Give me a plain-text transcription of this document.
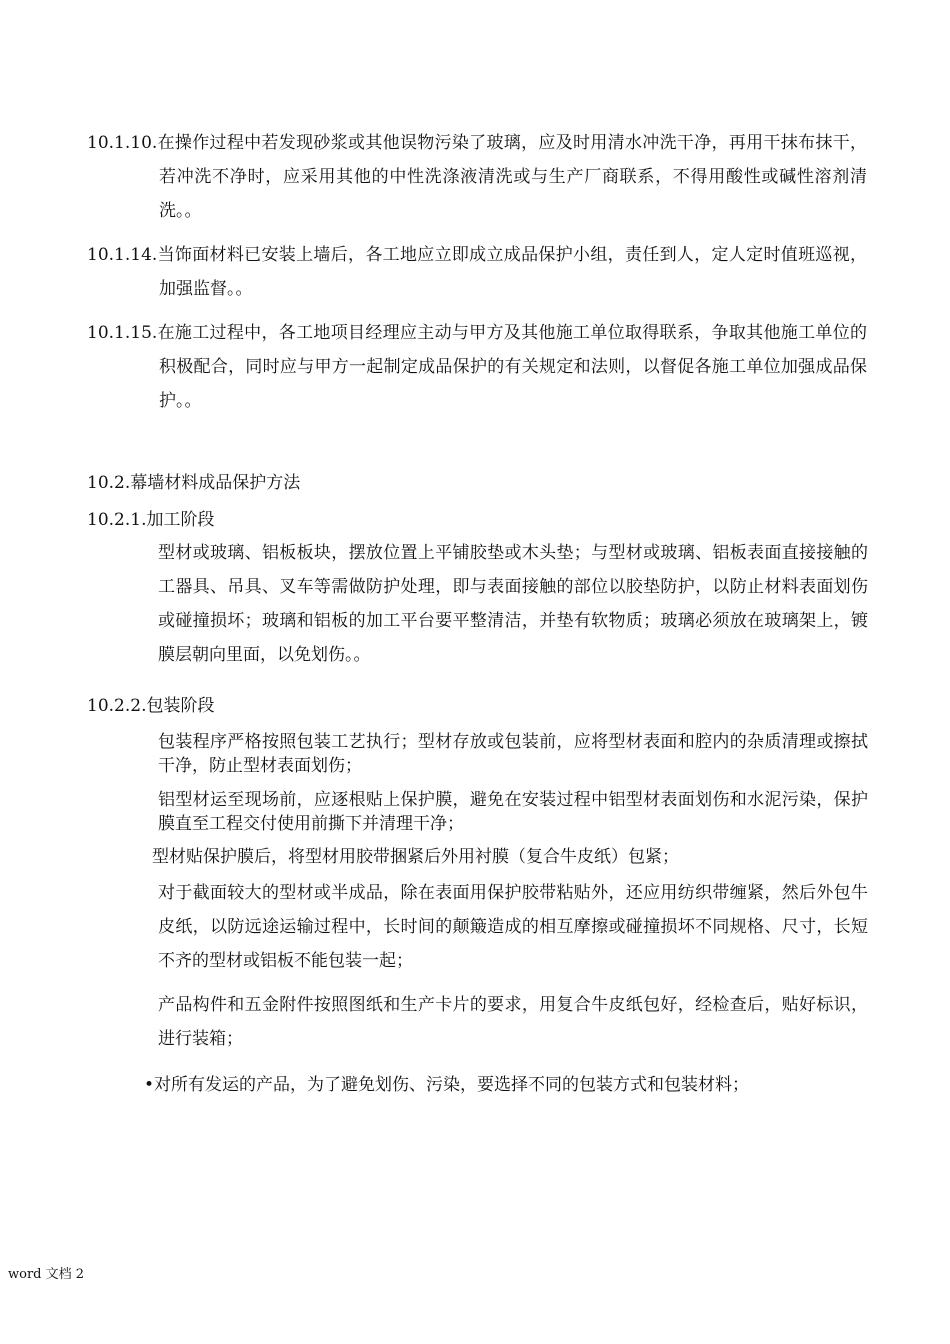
10.1.10.在操作过程中若发现砂浆或其他误物污染了玻璃，应及时用清水冲洗干净，再用干抹布抹干，若冲洗不净时，应采用其他的中性洗涤液清洗或与生产厂商联系，不得用酸性或碱性溶剂清洗。。
10.1.14.当饰面材料已安装上墙后，各工地应立即成立成品保护小组，责任到人，定人定时值班巡视，加强监督。。
10.1.15.在施工过程中，各工地项目经理应主动与甲方及其他施工单位取得联系，争取其他施工单位的积极配合，同时应与甲方一起制定成品保护的有关规定和法则，以督促各施工单位加强成品保护。。
10.2.幕墙材料成品保护方法
10.2.1.加工阶段
型材或玻璃、铝板板块，摆放位置上平铺胶垫或木头垫；与型材或玻璃、铝板表面直接接触的工器具、吊具、叉车等需做防护处理，即与表面接触的部位以胶垫防护，以防止材料表面划伤或碰撞损坏；玻璃和铝板的加工平台要平整清洁，并垫有软物质；玻璃必须放在玻璃架上，镀膜层朝向里面，以免划伤。。
10.2.2.包装阶段
包装程序严格按照包装工艺执行；型材存放或包装前，应将型材表面和腔内的杂质清理或擦拭干净，防止型材表面划伤；
铝型材运至现场前，应逐根贴上保护膜，避免在安装过程中铝型材表面划伤和水泥污染，保护膜直至工程交付使用前撕下并清理干净；
型材贴保护膜后，将型材用胶带捆紧后外用衬膜（复合牛皮纸）包紧；
对于截面较大的型材或半成品，除在表面用保护胶带粘贴外，还应用纺织带缠紧，然后外包牛皮纸，以防远途运输过程中，长时间的颠簸造成的相互摩擦或碰撞损坏不同规格、尺寸，长短不齐的型材或铝板不能包装一起；
产品构件和五金附件按照图纸和生产卡片的要求，用复合牛皮纸包好，经检查后，贴好标识，进行装箱；
•对所有发运的产品，为了避免划伤、污染，要选择不同的包装方式和包装材料；
word 文档 2
